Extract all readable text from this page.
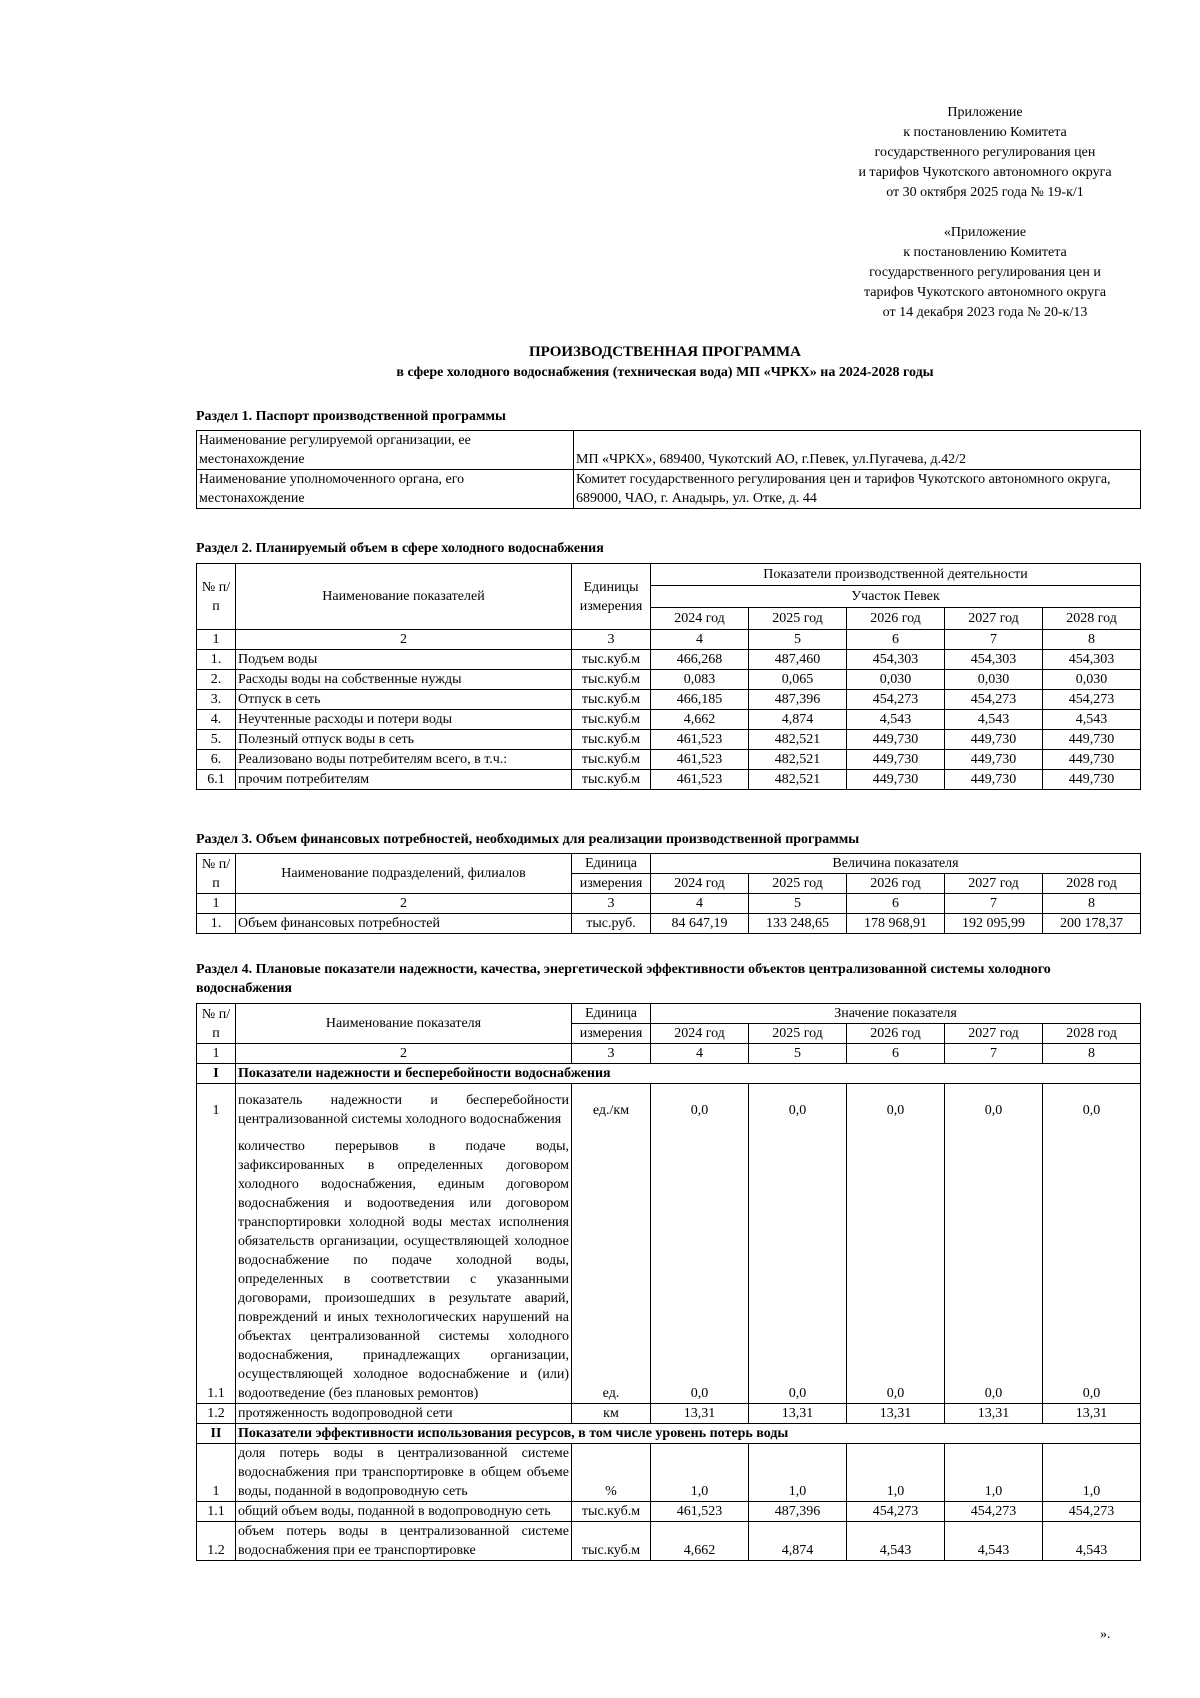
Приложение
к постановлению Комитета
государственного регулирования цен
и тарифов Чукотского автономного округа
от 30 октября 2025 года № 19-к/1
«Приложение
к постановлению Комитета
государственного регулирования цен и
тарифов Чукотского автономного округа
от 14 декабря 2023 года № 20-к/13
ПРОИЗВОДСТВЕННАЯ ПРОГРАММА
в сфере холодного водоснабжения (техническая вода) МП «ЧРКХ» на 2024-2028 годы
Раздел 1. Паспорт производственной программы
Наименование регулируемой организации, ее местонахождение	МП «ЧРКХ», 689400, Чукотский АО, г.Певек, ул.Пугачева, д.42/2
Наименование уполномоченного органа, его местонахождение	Комитет государственного регулирования цен и тарифов Чукотского автономного округа, 689000, ЧАО, г. Анадырь, ул. Отке, д. 44
Раздел 2. Планируемый объем в сфере холодного водоснабжения
№ п/п	Наименование показателей	Единицы измерения	Показатели производственной деятельности				
			Участок Певек				
			2024 год	2025 год	2026 год	2027 год	2028 год
1	2	3	4	5	6	7	8
1.	Подъем воды	тыс.куб.м	466,268	487,460	454,303	454,303	454,303
2.	Расходы воды на собственные нужды	тыс.куб.м	0,083	0,065	0,030	0,030	0,030
3.	Отпуск в сеть	тыс.куб.м	466,185	487,396	454,273	454,273	454,273
4.	Неучтенные расходы и потери воды	тыс.куб.м	4,662	4,874	4,543	4,543	4,543
5.	Полезный отпуск воды в сеть	тыс.куб.м	461,523	482,521	449,730	449,730	449,730
6.	Реализовано воды потребителям всего, в т.ч.:	тыс.куб.м	461,523	482,521	449,730	449,730	449,730
6.1	прочим потребителям	тыс.куб.м	461,523	482,521	449,730	449,730	449,730
Раздел 3. Объем финансовых потребностей, необходимых для реализации производственной программы
№ п/п	Наименование подразделений, филиалов	Единица	Величина показателя				
		измерения	2024 год	2025 год	2026 год	2027 год	2028 год
1	2	3	4	5	6	7	8
1.	Объем финансовых потребностей	тыс.руб.	84 647,19	133 248,65	178 968,91	192 095,99	200 178,37
Раздел 4. Плановые показатели надежности, качества, энергетической эффективности объектов централизованной системы холодного водоснабжения
№ п/п	Наименование показателя	Единица	Значение показателя				
		измерения	2024 год	2025 год	2026 год	2027 год	2028 год
1	2	3	4	5	6	7	8
I	Показатели надежности и бесперебойности водоснабжения						
1	показатель надежности и бесперебойности централизованной системы холодного водоснабжения	ед./км	0,0	0,0	0,0	0,0	0,0
1.1	количество перерывов в подаче воды, зафиксированных в определенных договором холодного водоснабжения, единым договором водоснабжения и водоотведения или договором транспортировки холодной воды местах исполнения обязательств организации, осуществляющей холодное водоснабжение по подаче холодной воды, определенных в соответствии с указанными договорами, произошедших в результате аварий, повреждений и иных технологических нарушений на объектах централизованной системы холодного водоснабжения, принадлежащих организации, осуществляющей холодное водоснабжение и (или) водоотведение (без плановых ремонтов)	ед.	0,0	0,0	0,0	0,0	0,0
1.2	протяженность водопроводной сети	км	13,31	13,31	13,31	13,31	13,31
II	Показатели эффективности использования ресурсов, в том числе уровень потерь воды						
1	доля потерь воды в централизованной системе водоснабжения при транспортировке в общем объеме воды, поданной в водопроводную сеть	%	1,0	1,0	1,0	1,0	1,0
1.1	общий объем воды, поданной в водопроводную сеть	тыс.куб.м	461,523	487,396	454,273	454,273	454,273
1.2	объем потерь воды в централизованной системе водоснабжения при ее транспортировке	тыс.куб.м	4,662	4,874	4,543	4,543	4,543
».
